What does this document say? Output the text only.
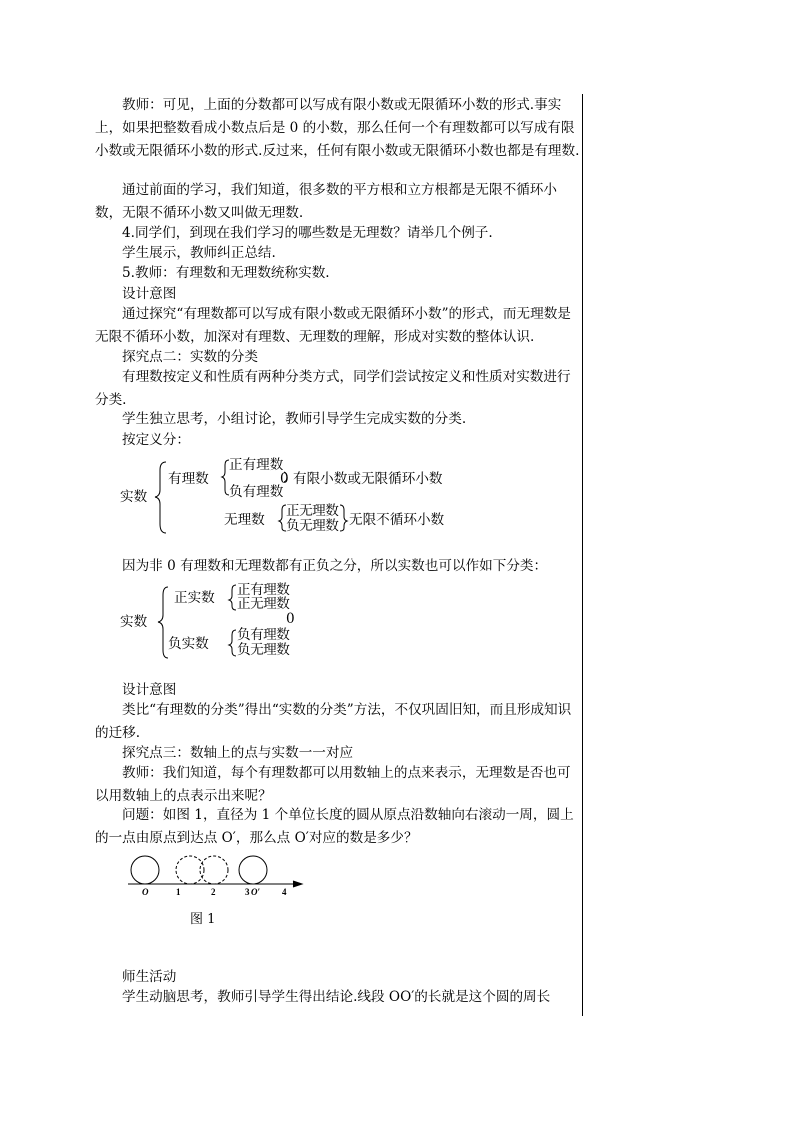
教师：可见，上面的分数都可以写成有限小数或无限循环小数的形式.事实上，如果把整数看成小数点后是 0 的小数，那么任何一个有理数都可以写成有限小数或无限循环小数的形式.反过来，任何有限小数或无限循环小数也都是有理数.

通过前面的学习，我们知道，很多数的平方根和立方根都是无限不循环小数，无限不循环小数又叫做无理数.

4.同学们，到现在我们学习的哪些数是无理数？请举几个例子.

学生展示，教师纠正总结.

5.教师：有理数和无理数统称实数.

设计意图

通过探究“有理数都可以写成有限小数或无限循环小数”的形式，而无理数是无限不循环小数，加深对有理数、无理数的理解，形成对实数的整体认识.

探究点二：实数的分类

有理数按定义和性质有两种分类方式，同学们尝试按定义和性质对实数进行分类.

学生独立思考，小组讨论，教师引导学生完成实数的分类.

按定义分：

实数
有理数
正有理数
0
负有理数
有限小数或无限循环小数
无理数
正无理数
负无理数 无限不循环小数

因为非 0 有理数和无理数都有正负之分，所以实数也可以作如下分类：

实数
正实数 正有理数
正无理数
0
负实数
负有理数
负无理数

设计意图

类比“有理数的分类”得出“实数的分类”方法，不仅巩固旧知，而且形成知识的迁移.

探究点三：数轴上的点与实数一一对应

教师：我们知道，每个有理数都可以用数轴上的点来表示，无理数是否也可以用数轴上的点表示出来呢？

问题：如图 1，直径为 1 个单位长度的圆从原点沿数轴向右滚动一周，圆上的一点由原点到达点 O′，那么点 O′对应的数是多少？

O	1	2	3 O′ 4
图 1

师生活动

学生动脑思考，教师引导学生得出结论.线段 OO′的长就是这个圆的周长
